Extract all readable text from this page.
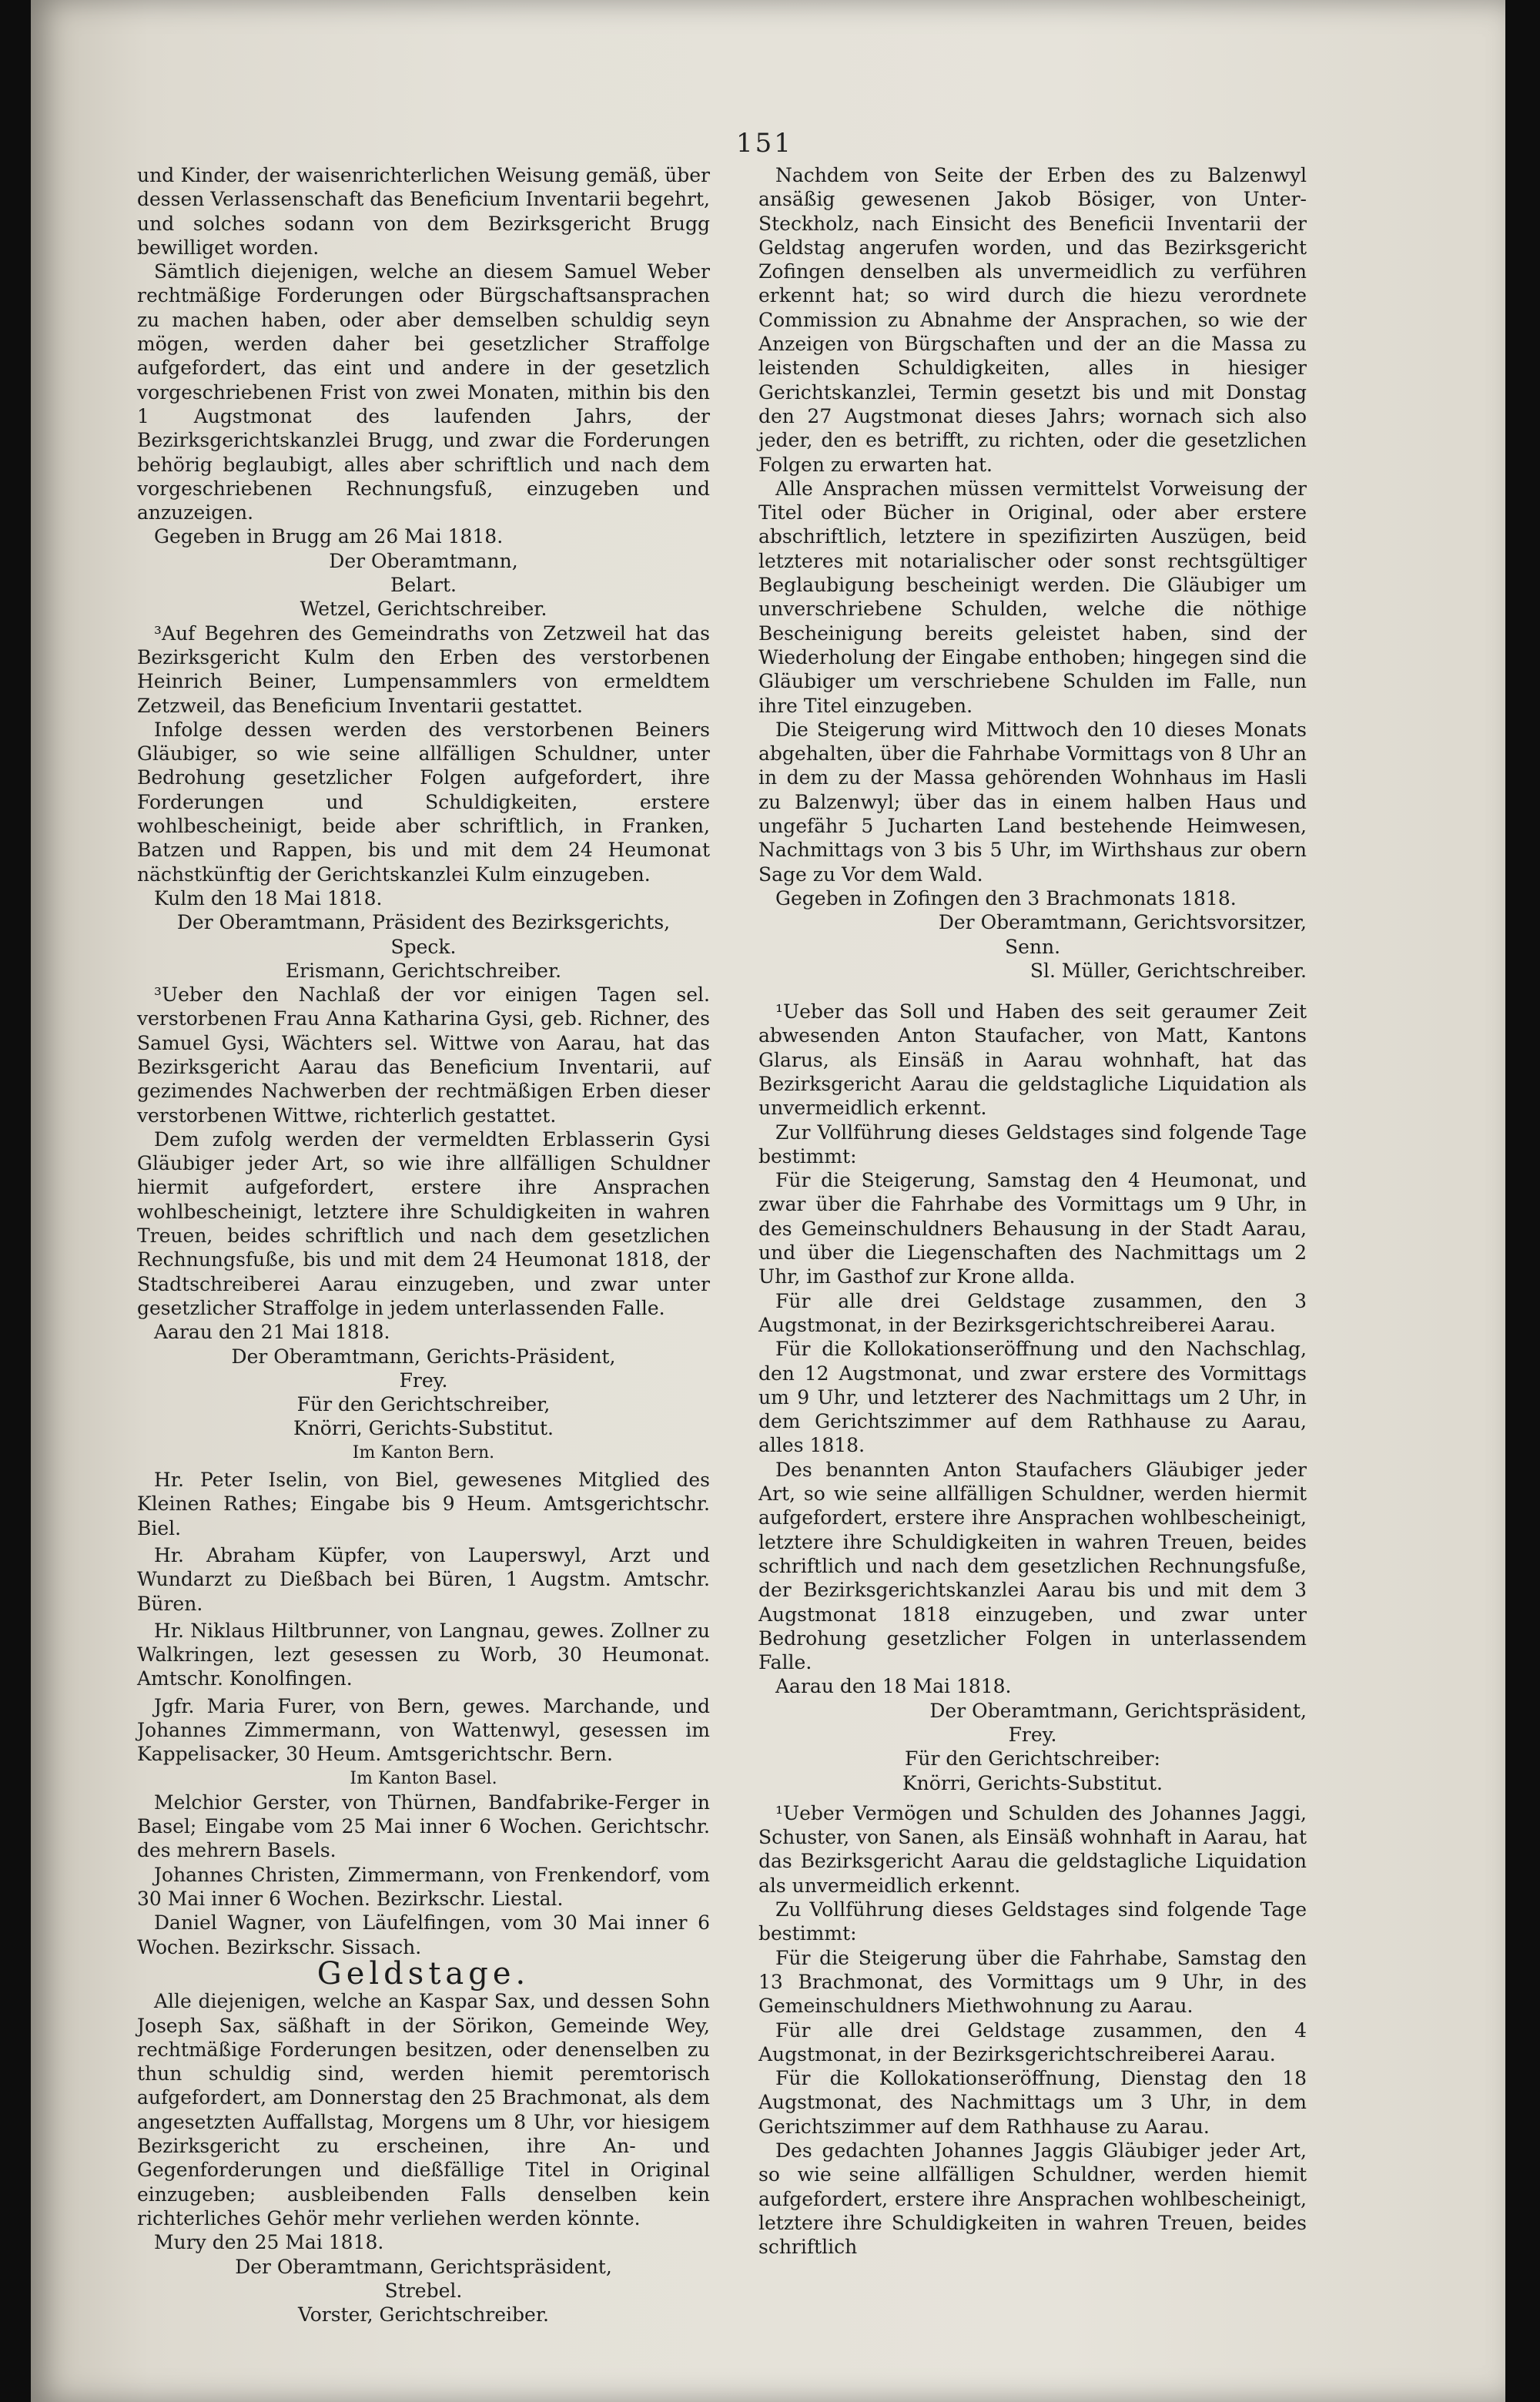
151

und Kinder, der waisenrichterlichen Weisung gemäß, über dessen Verlassenschaft das Beneficium Inventarii begehrt, und solches sodann von dem Bezirksgericht Brugg bewilliget worden.

Sämtlich diejenigen, welche an diesem Samuel Weber rechtmäßige Forderungen oder Bürgschaftsansprachen zu machen haben, oder aber demselben schuldig seyn mögen, werden daher bei gesetzlicher Straffolge aufgefordert, das eint und andere in der gesetzlich vorgeschriebenen Frist von zwei Monaten, mithin bis den 1 Augstmonat des laufenden Jahrs, der Bezirksgerichtskanzlei Brugg, und zwar die Forderungen behörig beglaubigt, alles aber schriftlich und nach dem vorgeschriebenen Rechnungsfuß, einzugeben und anzuzeigen.

Gegeben in Brugg am 26 Mai 1818.

Der Oberamtmann,

Belart.

Wetzel, Gerichtschreiber.

³Auf Begehren des Gemeindraths von Zetzweil hat das Bezirksgericht Kulm den Erben des verstorbenen Heinrich Beiner, Lumpensammlers von ermeldtem Zetzweil, das Beneficium Inventarii gestattet.

Infolge dessen werden des verstorbenen Beiners Gläubiger, so wie seine allfälligen Schuldner, unter Bedrohung gesetzlicher Folgen aufgefordert, ihre Forderungen und Schuldigkeiten, erstere wohlbescheinigt, beide aber schriftlich, in Franken, Batzen und Rappen, bis und mit dem 24 Heumonat nächstkünftig der Gerichtskanzlei Kulm einzugeben.

Kulm den 18 Mai 1818.

Der Oberamtmann, Präsident des Bezirksgerichts,

Speck.

Erismann, Gerichtschreiber.

³Ueber den Nachlaß der vor einigen Tagen sel. verstorbenen Frau Anna Katharina Gysi, geb. Richner, des Samuel Gysi, Wächters sel. Wittwe von Aarau, hat das Bezirksgericht Aarau das Beneficium Inventarii, auf gezimendes Nachwerben der rechtmäßigen Erben dieser verstorbenen Wittwe, richterlich gestattet.

Dem zufolg werden der vermeldten Erblasserin Gysi Gläubiger jeder Art, so wie ihre allfälligen Schuldner hiermit aufgefordert, erstere ihre Ansprachen wohlbescheinigt, letztere ihre Schuldigkeiten in wahren Treuen, beides schriftlich und nach dem gesetzlichen Rechnungsfuße, bis und mit dem 24 Heumonat 1818, der Stadtschreiberei Aarau einzugeben, und zwar unter gesetzlicher Straffolge in jedem unterlassenden Falle.

Aarau den 21 Mai 1818.

Der Oberamtmann, Gerichts-Präsident,

Frey.

Für den Gerichtschreiber,

Knörri, Gerichts-Substitut.

Im Kanton Bern.

Hr. Peter Iselin, von Biel, gewesenes Mitglied des Kleinen Rathes; Eingabe bis 9 Heum. Amtsgerichtschr. Biel.

Hr. Abraham Küpfer, von Lauperswyl, Arzt und Wundarzt zu Dießbach bei Büren, 1 Augstm. Amtschr. Büren.

Hr. Niklaus Hiltbrunner, von Langnau, gewes. Zollner zu Walkringen, lezt gesessen zu Worb, 30 Heumonat. Amtschr. Konolfingen.

Jgfr. Maria Furer, von Bern, gewes. Marchande, und Johannes Zimmermann, von Wattenwyl, gesessen im Kappelisacker, 30 Heum. Amtsgerichtschr. Bern.

Im Kanton Basel.

Melchior Gerster, von Thürnen, Bandfabrike-Ferger in Basel; Eingabe vom 25 Mai inner 6 Wochen. Gerichtschr. des mehrern Basels.

Johannes Christen, Zimmermann, von Frenkendorf, vom 30 Mai inner 6 Wochen. Bezirkschr. Liestal.

Daniel Wagner, von Läufelfingen, vom 30 Mai inner 6 Wochen. Bezirkschr. Sissach.

Geldstage.

Alle diejenigen, welche an Kaspar Sax, und dessen Sohn Joseph Sax, säßhaft in der Sörikon, Gemeinde Wey, rechtmäßige Forderungen besitzen, oder denenselben zu thun schuldig sind, werden hiemit peremtorisch aufgefordert, am Donnerstag den 25 Brachmonat, als dem angesetzten Auffallstag, Morgens um 8 Uhr, vor hiesigem Bezirksgericht zu erscheinen, ihre An- und Gegenforderungen und dießfällige Titel in Original einzugeben; ausbleibenden Falls denselben kein richterliches Gehör mehr verliehen werden könnte.

Mury den 25 Mai 1818.

Der Oberamtmann, Gerichtspräsident,

Strebel.

Vorster, Gerichtschreiber.

Nachdem von Seite der Erben des zu Balzenwyl ansäßig gewesenen Jakob Bösiger, von Unter-Steckholz, nach Einsicht des Beneficii Inventarii der Geldstag angerufen worden, und das Bezirksgericht Zofingen denselben als unvermeidlich zu verführen erkennt hat; so wird durch die hiezu verordnete Commission zu Abnahme der Ansprachen, so wie der Anzeigen von Bürgschaften und der an die Massa zu leistenden Schuldigkeiten, alles in hiesiger Gerichtskanzlei, Termin gesetzt bis und mit Donstag den 27 Augstmonat dieses Jahrs; wornach sich also jeder, den es betrifft, zu richten, oder die gesetzlichen Folgen zu erwarten hat.

Alle Ansprachen müssen vermittelst Vorweisung der Titel oder Bücher in Original, oder aber erstere abschriftlich, letztere in spezifizirten Auszügen, beid letzteres mit notarialischer oder sonst rechtsgültiger Beglaubigung bescheinigt werden. Die Gläubiger um unverschriebene Schulden, welche die nöthige Bescheinigung bereits geleistet haben, sind der Wiederholung der Eingabe enthoben; hingegen sind die Gläubiger um verschriebene Schulden im Falle, nun ihre Titel einzugeben.

Die Steigerung wird Mittwoch den 10 dieses Monats abgehalten, über die Fahrhabe Vormittags von 8 Uhr an in dem zu der Massa gehörenden Wohnhaus im Hasli zu Balzenwyl; über das in einem halben Haus und ungefähr 5 Jucharten Land bestehende Heimwesen, Nachmittags von 3 bis 5 Uhr, im Wirthshaus zur obern Sage zu Vor dem Wald.

Gegeben in Zofingen den 3 Brachmonats 1818.

Der Oberamtmann, Gerichtsvorsitzer,

Senn.

Sl. Müller, Gerichtschreiber.

¹Ueber das Soll und Haben des seit geraumer Zeit abwesenden Anton Staufacher, von Matt, Kantons Glarus, als Einsäß in Aarau wohnhaft, hat das Bezirksgericht Aarau die geldstagliche Liquidation als unvermeidlich erkennt.

Zur Vollführung dieses Geldstages sind folgende Tage bestimmt:

Für die Steigerung, Samstag den 4 Heumonat, und zwar über die Fahrhabe des Vormittags um 9 Uhr, in des Gemeinschuldners Behausung in der Stadt Aarau, und über die Liegenschaften des Nachmittags um 2 Uhr, im Gasthof zur Krone allda.

Für alle drei Geldstage zusammen, den 3 Augstmonat, in der Bezirksgerichtschreiberei Aarau.

Für die Kollokationseröffnung und den Nachschlag, den 12 Augstmonat, und zwar erstere des Vormittags um 9 Uhr, und letzterer des Nachmittags um 2 Uhr, in dem Gerichtszimmer auf dem Rathhause zu Aarau, alles 1818.

Des benannten Anton Staufachers Gläubiger jeder Art, so wie seine allfälligen Schuldner, werden hiermit aufgefordert, erstere ihre Ansprachen wohlbescheinigt, letztere ihre Schuldigkeiten in wahren Treuen, beides schriftlich und nach dem gesetzlichen Rechnungsfuße, der Bezirksgerichtskanzlei Aarau bis und mit dem 3 Augstmonat 1818 einzugeben, und zwar unter Bedrohung gesetzlicher Folgen in unterlassendem Falle.

Aarau den 18 Mai 1818.

Der Oberamtmann, Gerichtspräsident,

Frey.

Für den Gerichtschreiber:

Knörri, Gerichts-Substitut.

¹Ueber Vermögen und Schulden des Johannes Jaggi, Schuster, von Sanen, als Einsäß wohnhaft in Aarau, hat das Bezirksgericht Aarau die geldstagliche Liquidation als unvermeidlich erkennt.

Zu Vollführung dieses Geldstages sind folgende Tage bestimmt:

Für die Steigerung über die Fahrhabe, Samstag den 13 Brachmonat, des Vormittags um 9 Uhr, in des Gemeinschuldners Miethwohnung zu Aarau.

Für alle drei Geldstage zusammen, den 4 Augstmonat, in der Bezirksgerichtschreiberei Aarau.

Für die Kollokationseröffnung, Dienstag den 18 Augstmonat, des Nachmittags um 3 Uhr, in dem Gerichtszimmer auf dem Rathhause zu Aarau.

Des gedachten Johannes Jaggis Gläubiger jeder Art, so wie seine allfälligen Schuldner, werden hiemit aufgefordert, erstere ihre Ansprachen wohlbescheinigt, letztere ihre Schuldigkeiten in wahren Treuen, beides schriftlich
